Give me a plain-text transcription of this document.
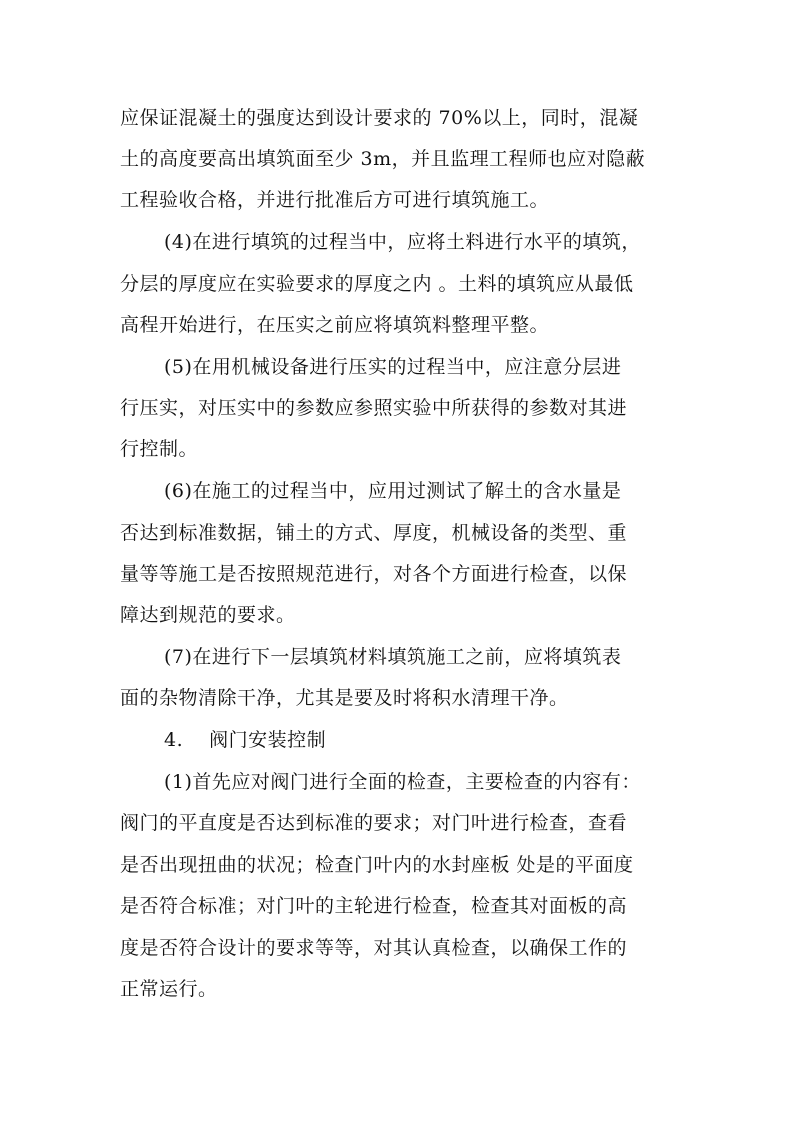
应保证混凝土的强度达到设计要求的 70%以上，同时，混凝
土的高度要高出填筑面至少 3m，并且监理工程师也应对隐蔽
工程验收合格，并进行批准后方可进行填筑施工。
(4)在进行填筑的过程当中，应将土料进行水平的填筑，
分层的厚度应在实验要求的厚度之内 。土料的填筑应从最低
高程开始进行，在压实之前应将填筑料整理平整。
(5)在用机械设备进行压实的过程当中，应注意分层进
行压实，对压实中的参数应参照实验中所获得的参数对其进
行控制。
(6)在施工的过程当中，应用过测试了解土的含水量是
否达到标准数据，铺土的方式、厚度，机械设备的类型、重
量等等施工是否按照规范进行，对各个方面进行检查，以保
障达到规范的要求。
(7)在进行下一层填筑材料填筑施工之前，应将填筑表
面的杂物清除干净，尤其是要及时将积水清理干净。
4.　 阀门安装控制
(1)首先应对阀门进行全面的检查，主要检查的内容有：
阀门的平直度是否达到标准的要求；对门叶进行检查，查看
是否出现扭曲的状况；检查门叶内的水封座板 处是的平面度
是否符合标准；对门叶的主轮进行检查，检查其对面板的高
度是否符合设计的要求等等，对其认真检查，以确保工作的
正常运行。
